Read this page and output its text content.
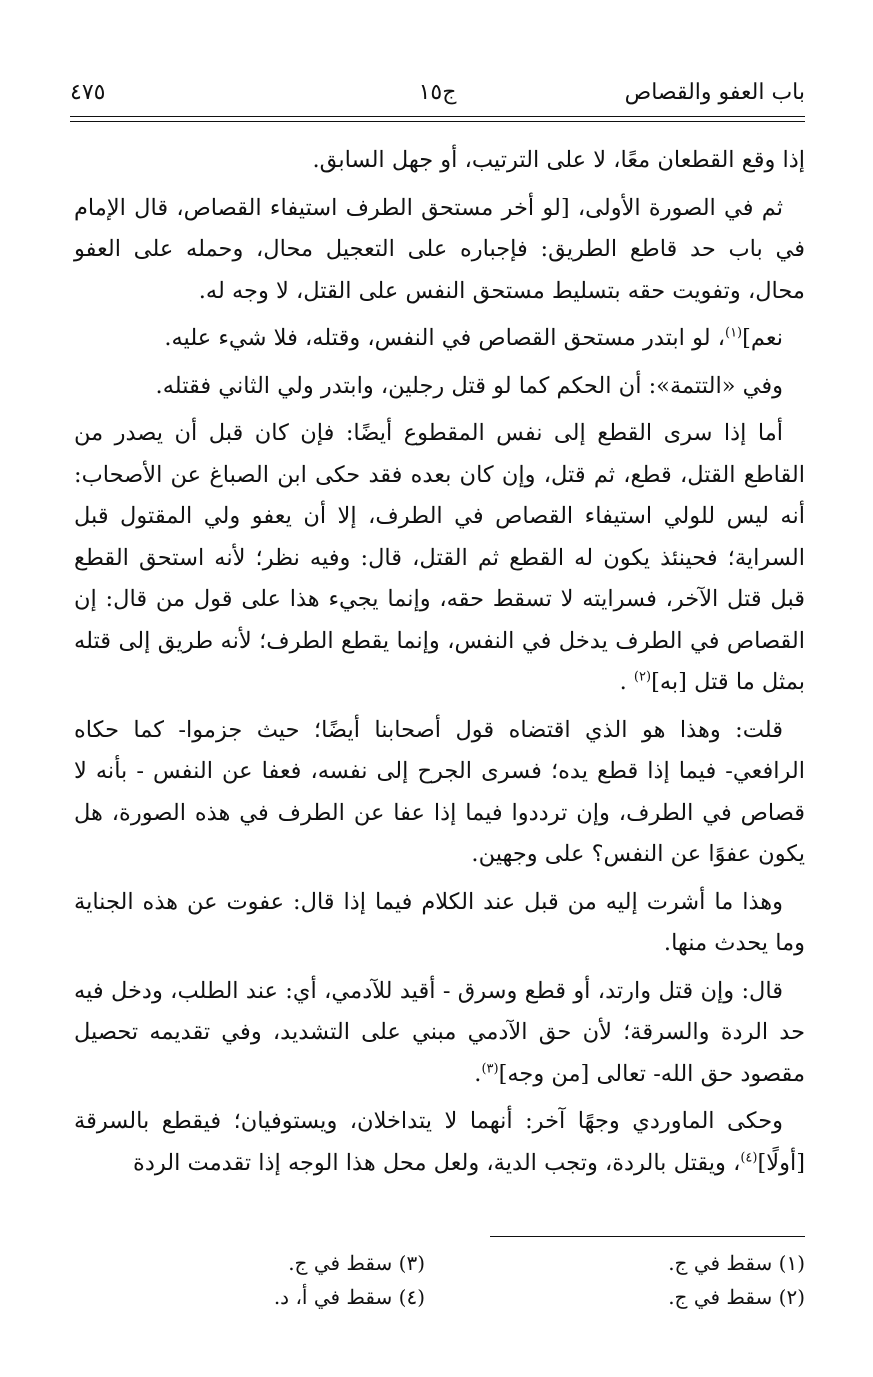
باب العفو والقصاص
ج١٥
٤٧٥

إذا وقع القطعان معًا، لا على الترتيب، أو جهل السابق.

ثم في الصورة الأولى، [لو أخر مستحق الطرف استيفاء القصاص، قال الإمام في باب حد قاطع الطريق: فإجباره على التعجيل محال، وحمله على العفو محال، وتفويت حقه بتسليط مستحق النفس على القتل، لا وجه له.

نعم]$^{(١)}$، لو ابتدر مستحق القصاص في النفس، وقتله، فلا شيء عليه.

وفي «التتمة»: أن الحكم كما لو قتل رجلين، وابتدر ولي الثاني فقتله.

أما إذا سرى القطع إلى نفس المقطوع أيضًا: فإن كان قبل أن يصدر من القاطع القتل، قطع، ثم قتل، وإن كان بعده فقد حكى ابن الصباغ عن الأصحاب: أنه ليس للولي استيفاء القصاص في الطرف، إلا أن يعفو ولي المقتول قبل السراية؛ فحينئذ يكون له القطع ثم القتل، قال: وفيه نظر؛ لأنه استحق القطع قبل قتل الآخر، فسرايته لا تسقط حقه، وإنما يجيء هذا على قول من قال: إن القصاص في الطرف يدخل في النفس، وإنما يقطع الطرف؛ لأنه طريق إلى قتله بمثل ما قتل [به]$^{(٢)}$ .

قلت: وهذا هو الذي اقتضاه قول أصحابنا أيضًا؛ حيث جزموا- كما حكاه الرافعي- فيما إذا قطع يده؛ فسرى الجرح إلى نفسه، فعفا عن النفس - بأنه لا قصاص في الطرف، وإن ترددوا فيما إذا عفا عن الطرف في هذه الصورة، هل يكون عفوًا عن النفس؟ على وجهين.

وهذا ما أشرت إليه من قبل عند الكلام فيما إذا قال: عفوت عن هذه الجناية وما يحدث منها.

قال: وإن قتل وارتد، أو قطع وسرق - أقيد للآدمي، أي: عند الطلب، ودخل فيه حد الردة والسرقة؛ لأن حق الآدمي مبني على التشديد، وفي تقديمه تحصيل مقصود حق الله- تعالى [من وجه]$^{(٣)}$.

وحكى الماوردي وجهًا آخر: أنهما لا يتداخلان، ويستوفيان؛ فيقطع بالسرقة [أولًا]$^{(٤)}$، ويقتل بالردة، وتجب الدية، ولعل محل هذا الوجه إذا تقدمت الردة

(١) سقط في ج.
(٢) سقط في ج.
(٣) سقط في ج.
(٤) سقط في أ، د.
